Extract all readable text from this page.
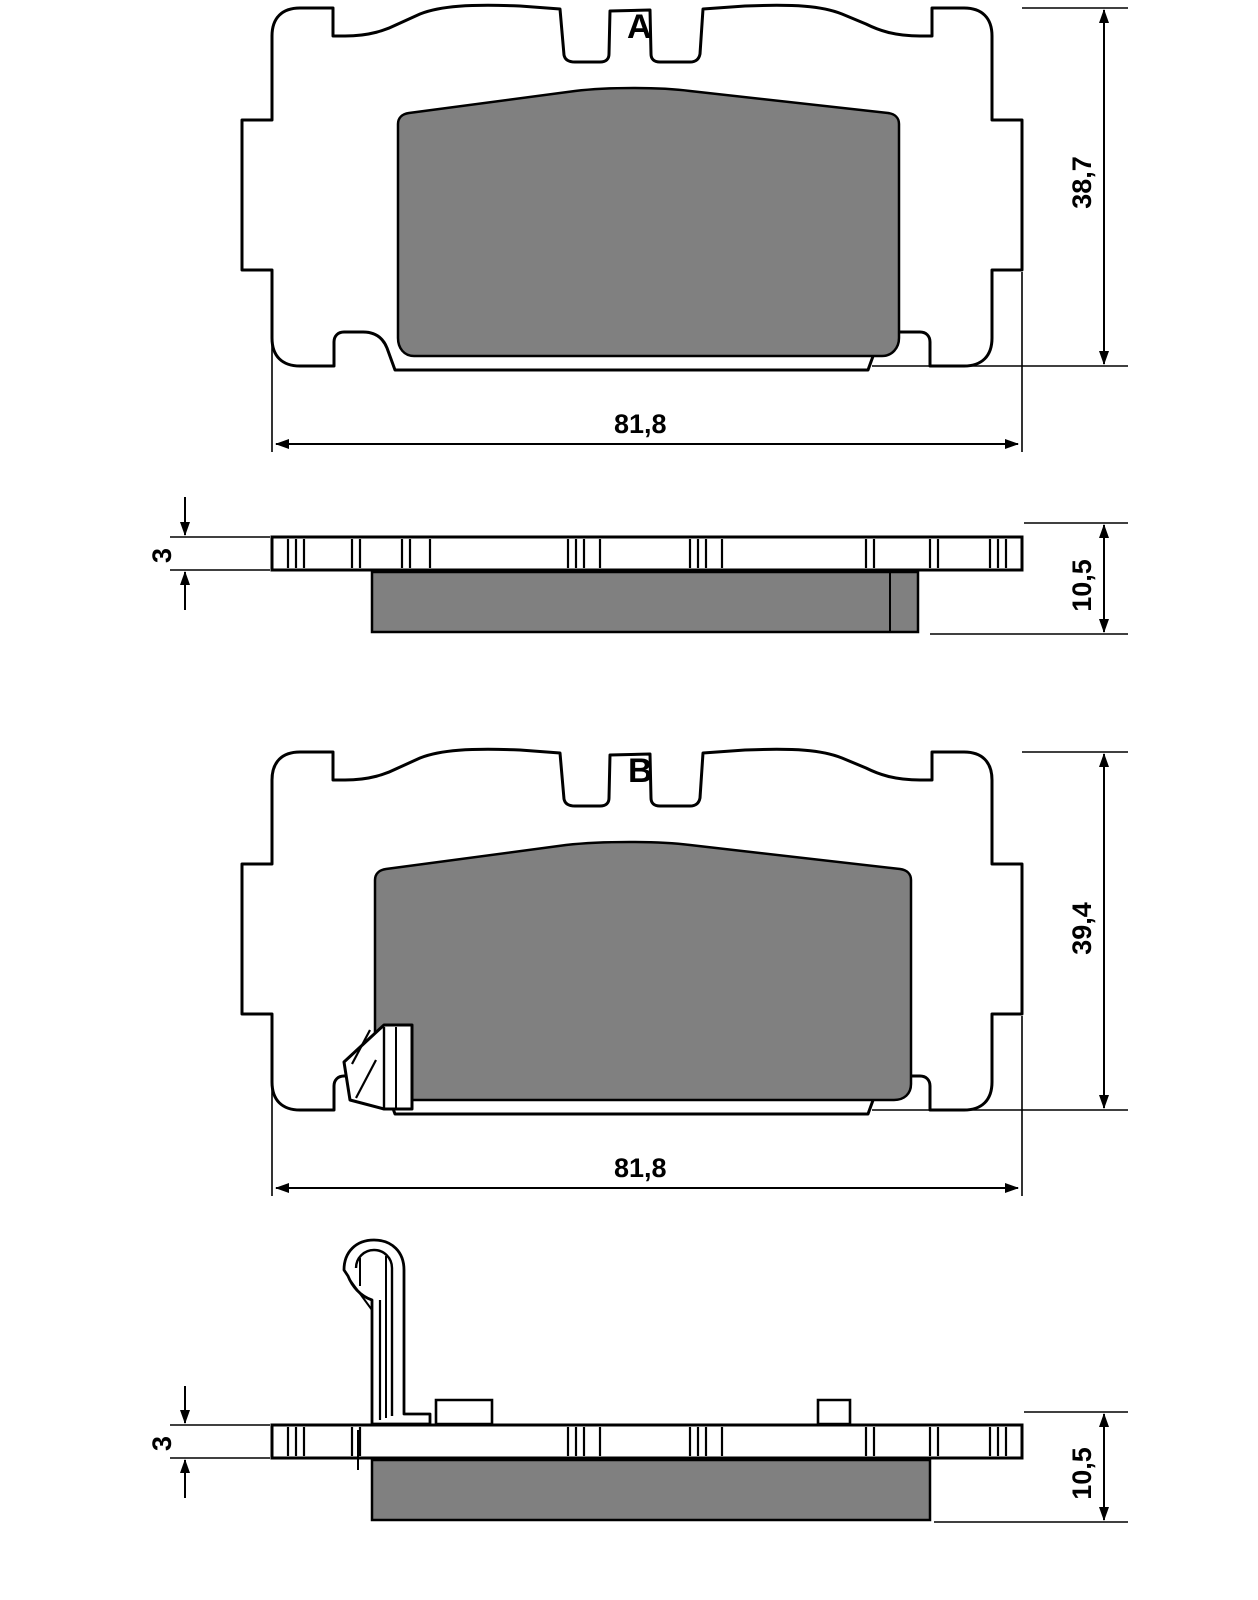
A
38,7
81,8
3
10,5
B
39,4
81,8
3
10,5
